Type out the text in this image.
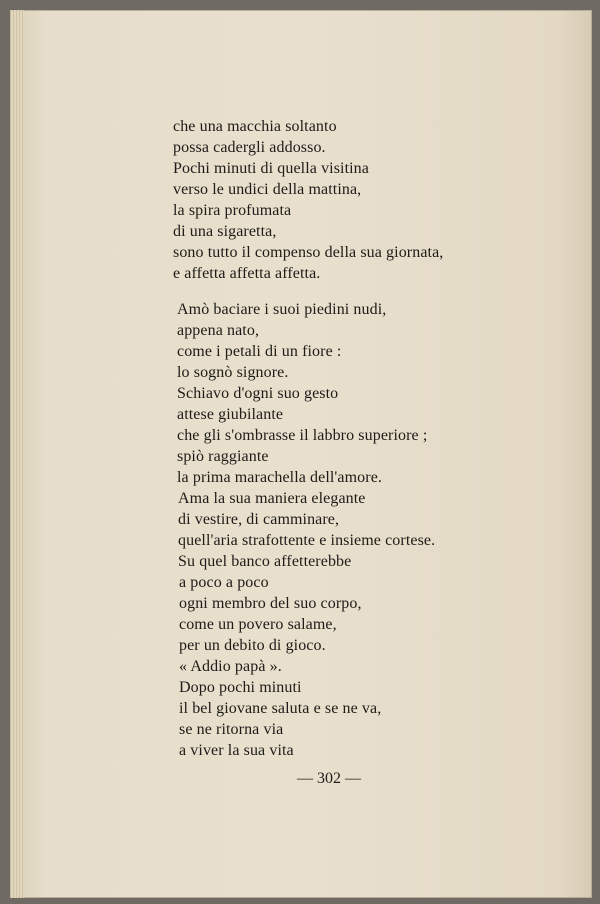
che una macchia soltanto
possa cadergli addosso.
Pochi minuti di quella visitina
verso le undici della mattina,
la spira profumata
di una sigaretta,
sono tutto il compenso della sua giornata,
e affetta affetta affetta.
Amò baciare i suoi piedini nudi,
appena nato,
come i petali di un fiore :
lo sognò signore.
Schiavo d'ogni suo gesto
attese giubilante
che gli s'ombrasse il labbro superiore ;
spiò raggiante
la prima marachella dell'amore.
Ama la sua maniera elegante
di vestire, di camminare,
quell'aria strafottente e insieme cortese.
Su quel banco affetterebbe
a poco a poco
ogni membro del suo corpo,
come un povero salame,
per un debito di gioco.
« Addio papà ».
Dopo pochi minuti
il bel giovane saluta e se ne va,
se ne ritorna via
a viver la sua vita
— 302 —
